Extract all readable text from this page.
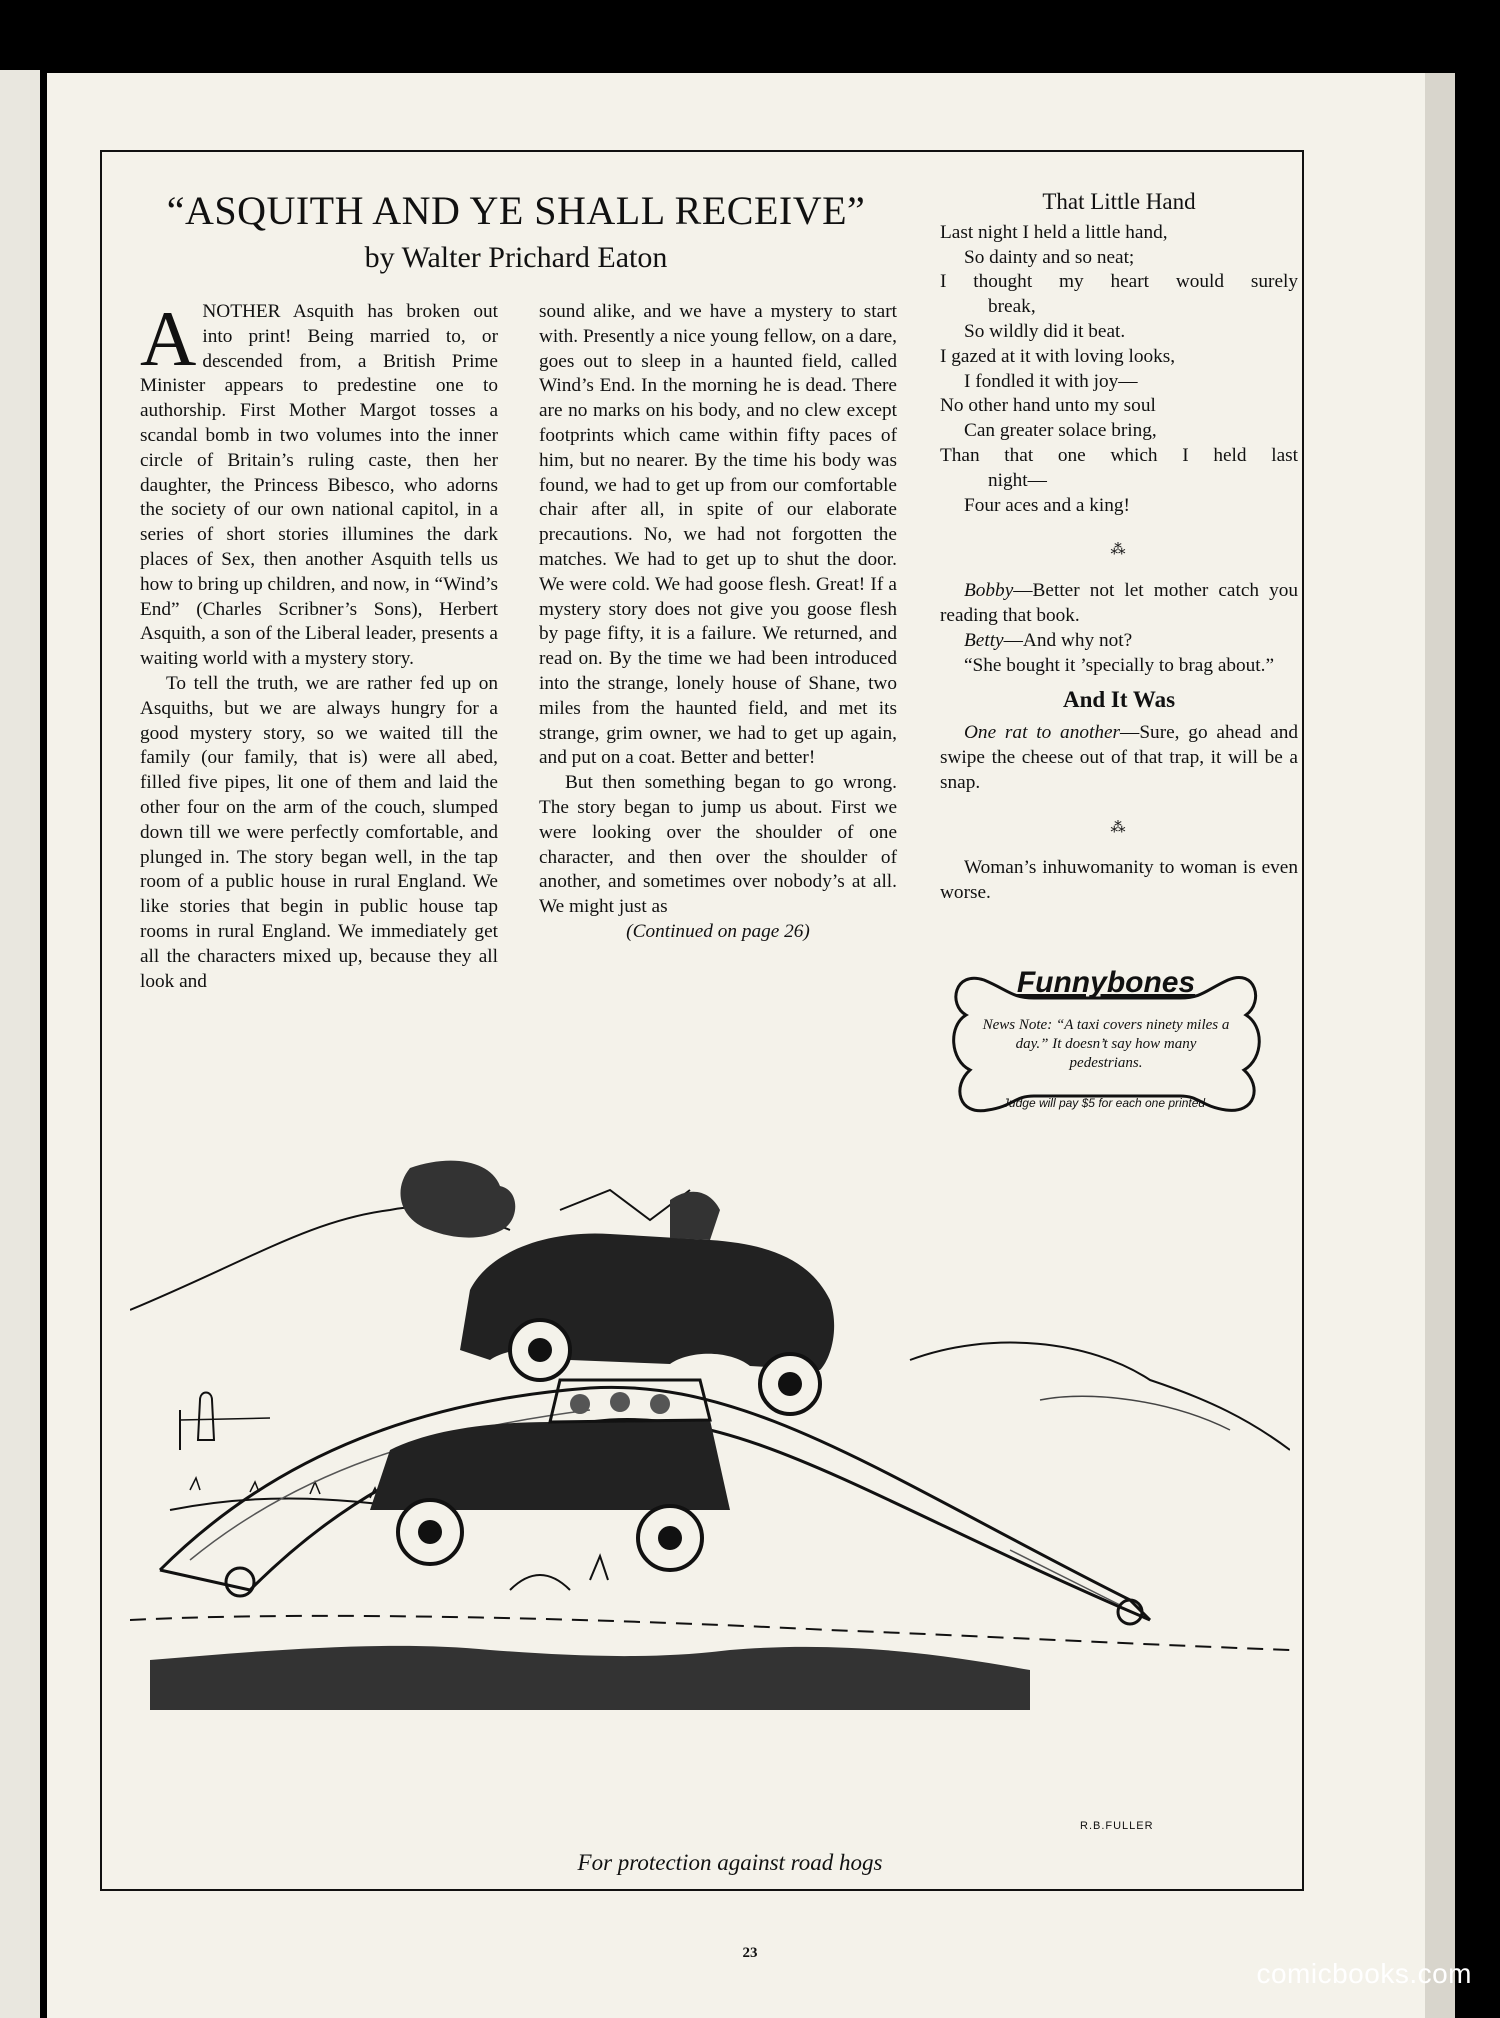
“ASQUITH AND YE SHALL RECEIVE”
by Walter Prichard Eaton

ANOTHER Asquith has broken out into print! Being married to, or descended from, a British Prime Minister appears to predestine one to authorship. First Mother Margot tosses a scandal bomb in two volumes into the inner circle of Britain’s ruling caste, then her daughter, the Princess Bibesco, who adorns the society of our own national capitol, in a series of short stories illumines the dark places of Sex, then another Asquith tells us how to bring up children, and now, in “Wind’s End” (Charles Scribner’s Sons), Herbert Asquith, a son of the Liberal leader, presents a waiting world with a mystery story.

To tell the truth, we are rather fed up on Asquiths, but we are always hungry for a good mystery story, so we waited till the family (our family, that is) were all abed, filled five pipes, lit one of them and laid the other four on the arm of the couch, slumped down till we were perfectly comfortable, and plunged in. The story began well, in the tap room of a public house in rural England. We like stories that begin in public house tap rooms in rural England. We immediately get all the characters mixed up, because they all look and

sound alike, and we have a mystery to start with. Presently a nice young fellow, on a dare, goes out to sleep in a haunted field, called Wind’s End. In the morning he is dead. There are no marks on his body, and no clew except footprints which came within fifty paces of him, but no nearer. By the time his body was found, we had to get up from our comfortable chair after all, in spite of our elaborate precautions. No, we had not forgotten the matches. We had to get up to shut the door. We were cold. We had goose flesh. Great! If a mystery story does not give you goose flesh by page fifty, it is a failure. We returned, and read on. By the time we had been introduced into the strange, lonely house of Shane, two miles from the haunted field, and met its strange, grim owner, we had to get up again, and put on a coat. Better and better!

But then something began to go wrong. The story began to jump us about. First we were looking over the shoulder of one character, and then over the shoulder of another, and sometimes over nobody’s at all. We might just as

(Continued on page 26)

That Little Hand
Last night I held a little hand,
So dainty and so neat;
I thought my heart would surely
break,
So wildly did it beat.
I gazed at it with loving looks,
I fondled it with joy—
No other hand unto my soul
Can greater solace bring,
Than that one which I held last
night—
Four aces and a king!
⁂

Bobby—Better not let mother catch you reading that book.

Betty—And why not?

“She bought it ’specially to brag about.”

And It Was

One rat to another—Sure, go ahead and swipe the cheese out of that trap, it will be a snap.

⁂

Woman’s inhuwomanity to woman is even worse.

Funnybones
News Note: “A taxi covers ninety miles a day.” It doesn’t say how many pedestrians.
Judge will pay $5 for each one printed
R.B.FULLER
For protection against road hogs
23
comicbooks.com
